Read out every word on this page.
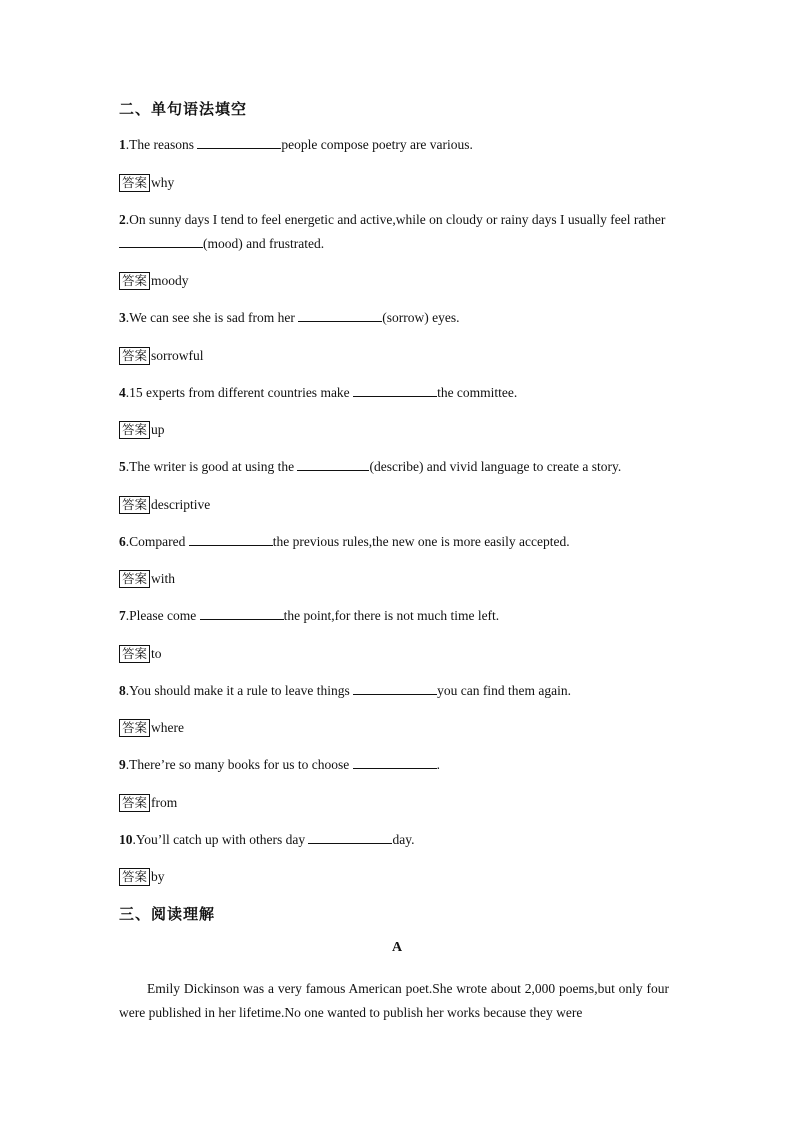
二、单句语法填空
1.The reasons	people compose poetry are various.
答案 why
2.On sunny days I tend to feel energetic and active,while on cloudy or rainy days I usually feel rather (mood) and frustrated.
答案 moody
3.We can see she is sad from her	(sorrow) eyes.
答案 sorrowful
4.15 experts from different countries make	the committee.
答案 up
5.The writer is good at using the	(describe) and vivid language to create a story.
答案 descriptive
6.Compared	the previous rules,the new one is more easily accepted.
答案 with
7.Please come	the point,for there is not much time left.
答案 to
8.You should make it a rule to leave things	you can find them again.
答案 where
9.There’re so many books for us to choose	.
答案 from
10.You’ll catch up with others day	day.
答案 by
三、阅读理解
A
Emily Dickinson was a very famous American poet.She wrote about 2,000 poems,but only four were published in her lifetime.No one wanted to publish her works because they were
